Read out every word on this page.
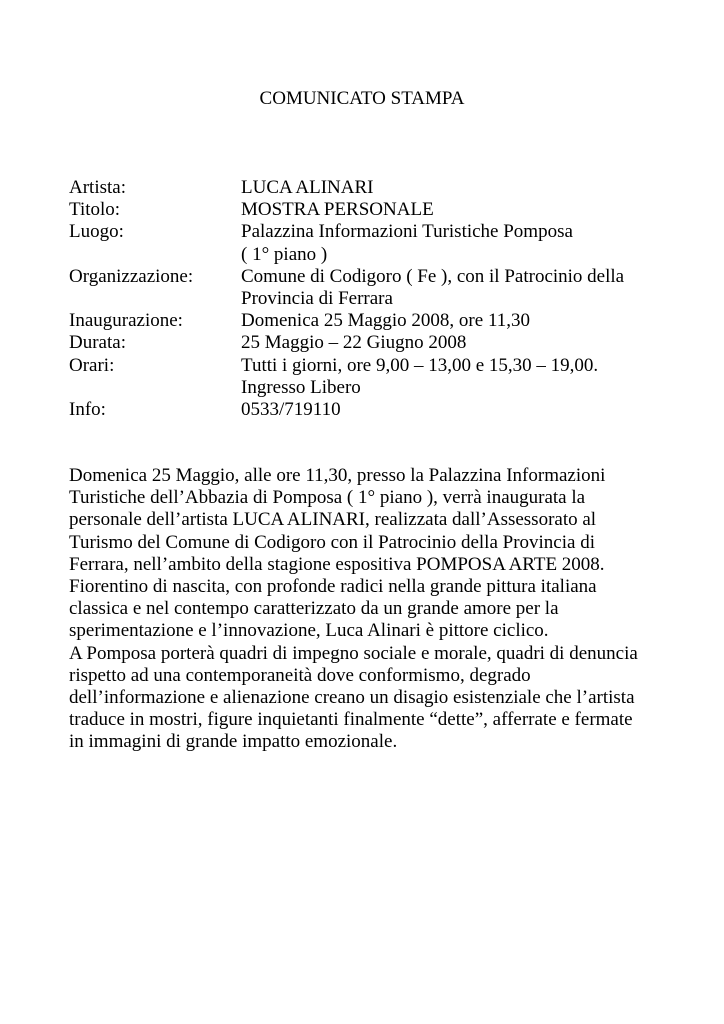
COMUNICATO STAMPA
Artista:	LUCA ALINARI
Titolo:	MOSTRA PERSONALE
Luogo:	Palazzina Informazioni Turistiche Pomposa
( 1° piano )
Organizzazione:	Comune di Codigoro ( Fe ), con il Patrocinio della
Provincia di Ferrara
Inaugurazione:	Domenica 25 Maggio 2008, ore 11,30
Durata:	25 Maggio – 22 Giugno 2008
Orari:	Tutti i giorni, ore 9,00 – 13,00 e 15,30 – 19,00.
Ingresso Libero
Info:	0533/719110
Domenica 25 Maggio, alle ore 11,30, presso la Palazzina Informazioni
Turistiche dell’Abbazia di Pomposa ( 1° piano ), verrà inaugurata la
personale dell’artista LUCA ALINARI, realizzata dall’Assessorato al
Turismo del Comune di Codigoro con il Patrocinio della Provincia di
Ferrara, nell’ambito della stagione espositiva POMPOSA ARTE 2008.
Fiorentino di nascita, con profonde radici nella grande pittura italiana
classica e nel contempo caratterizzato da un grande amore per la
sperimentazione e l’innovazione, Luca Alinari è pittore ciclico.
A Pomposa porterà quadri di impegno sociale e morale, quadri di denuncia
rispetto ad una contemporaneità dove conformismo, degrado
dell’informazione e alienazione creano un disagio esistenziale che l’artista
traduce in mostri, figure inquietanti finalmente “dette”, afferrate e fermate
in immagini di grande impatto emozionale.
